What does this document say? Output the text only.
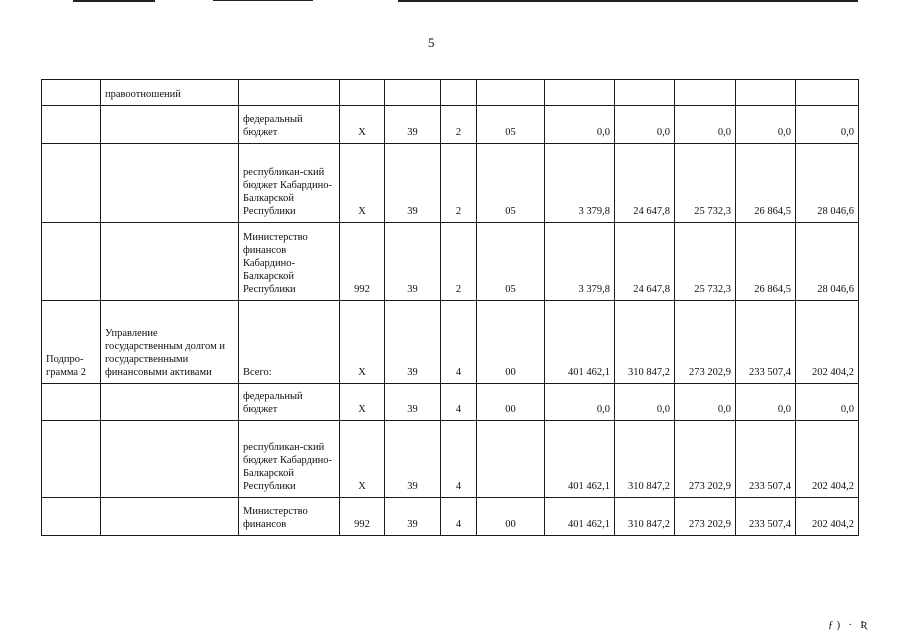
5
	правоотношений										
		федеральный бюджет	Х	39	2	05	0,0	0,0	0,0	0,0	0,0
		республикан-ский бюджет Кабардино-Балкарской Республики	Х	39	2	05	3 379,8	24 647,8	25 732,3	26 864,5	28 046,6
		Министерство финансов Кабардино-Балкарской Республики	992	39	2	05	3 379,8	24 647,8	25 732,3	26 864,5	28 046,6
Подпро-грамма 2	Управление государственным долгом и государственными финансовыми активами	Всего:	Х	39	4	00	401 462,1	310 847,2	273 202,9	233 507,4	202 404,2
		федеральный бюджет	Х	39	4	00	0,0	0,0	0,0	0,0	0,0
		республикан-ский бюджет Кабардино-Балкарской Республики	Х	39	4		401 462,1	310 847,2	273 202,9	233 507,4	202 404,2
		Министерство финансов	992	39	4	00	401 462,1	310 847,2	273 202,9	233 507,4	202 404,2
ƒ) ∙ Ʀ
